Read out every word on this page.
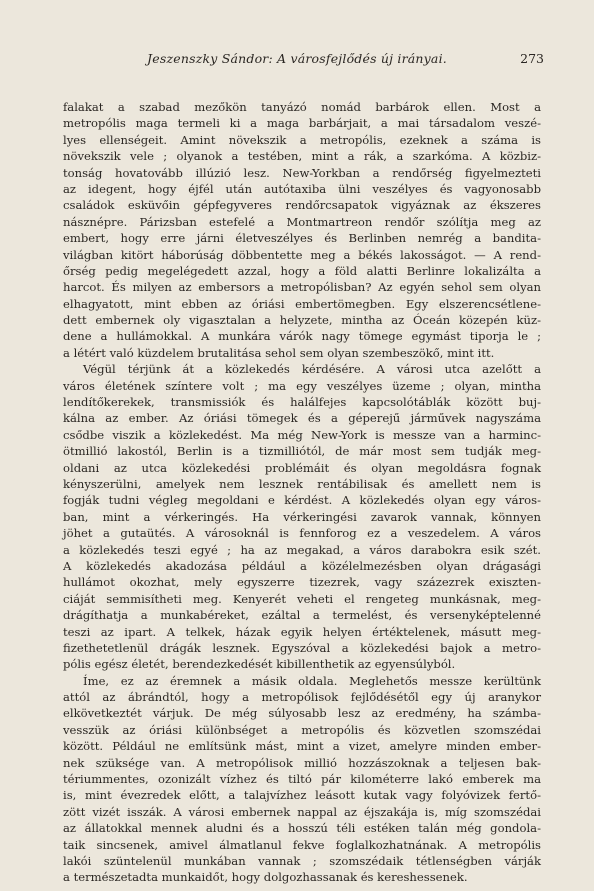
Jeszenszky Sándor: A városfejlődés új irányai.	273
falakat a szabad mezőkön tanyázó nomád barbárok ellen. Most a
metropólis maga termeli ki a maga barbárjait, a mai társadalom veszé-
lyes ellenségeit. Amint növekszik a metropólis, ezeknek a száma is
növekszik vele ; olyanok a testében, mint a rák, a szarkóma. A közbiz-
tonság hovatovább illúzió lesz. New-Yorkban a rendőrség figyelmezteti
az idegent, hogy éjfél után autótaxiba ülni veszélyes és vagyonosabb
családok esküvőin gépfegyveres rendőrcsapatok vigyáznak az ékszeres
násznépre. Párizsban estefelé a Montmartreon rendőr szólítja meg az
embert, hogy erre járni életveszélyes és Berlinben nemrég a bandita-
világban kitört háborúság döbbentette meg a békés lakosságot. — A rend-
őrség pedig megelégedett azzal, hogy a föld alatti Berlinre lokalizálta a
harcot. És milyen az embersors a metropólisban? Az egyén sehol sem olyan
elhagyatott, mint ebben az óriási embertömegben. Egy elszerencsétlene-
dett embernek oly vigasztalan a helyzete, mintha az Óceán közepén küz-
dene a hullámokkal. A munkára várók nagy tömege egymást tiporja le ;
a létért való küzdelem brutalitása sehol sem olyan szembeszökő, mint itt.
Végül térjünk át a közlekedés kérdésére. A városi utca azelőtt a
város életének színtere volt ; ma egy veszélyes üzeme ; olyan, mintha
lendítőkerekek, transmissiók és halálfejes kapcsolótáblák között buj-
kálna az ember. Az óriási tömegek és a géperejű járművek nagyszáma
csődbe viszik a közlekedést. Ma még New-York is messze van a harminc-
ötmillió lakostól, Berlin is a tizmilliótól, de már most sem tudják meg-
oldani az utca közlekedési problémáit és olyan megoldásra fognak
kényszerülni, amelyek nem lesznek rentábilisak és amellett nem is
fogják tudni végleg megoldani e kérdést. A közlekedés olyan egy város-
ban, mint a vérkeringés. Ha vérkeringési zavarok vannak, könnyen
jöhet a gutaütés. A városoknál is fennforog ez a veszedelem. A város
a közlekedés teszi egyé ; ha az megakad, a város darabokra esik szét.
A közlekedés akadozása például a közélelmezésben olyan drágasági
hullámot okozhat, mely egyszerre tizezrek, vagy százezrek exiszten-
ciáját semmisítheti meg. Kenyerét veheti el rengeteg munkásnak, meg-
drágíthatja a munkabéreket, ezáltal a termelést, és versenyképtelenné
teszi az ipart. A telkek, házak egyik helyen értéktelenek, másutt meg-
fizethetetlenül drágák lesznek. Egyszóval a közlekedési bajok a metro-
pólis egész életét, berendezkedését kibillenthetik az egyensúlyból.
Íme, ez az éremnek a másik oldala. Meglehetős messze kerültünk
attól az ábrándtól, hogy a metropólisok fejlődésétől egy új aranykor
elkövetkeztét várjuk. De még súlyosabb lesz az eredmény, ha számba-
vesszük az óriási különbséget a metropólis és közvetlen szomszédai
között. Például ne említsünk mást, mint a vizet, amelyre minden ember-
nek szüksége van. A metropólisok millió hozzászoknak a teljesen bak-
tériummentes, ozonizált vízhez és tiltó pár kilométerre lakó emberek ma
is, mint évezredek előtt, a talajvízhez leásott kutak vagy folyóvizek fertő-
zött vizét isszák. A városi embernek nappal az éjszakája is, míg szomszédai
az állatokkal mennek aludni és a hosszú téli estéken talán még gondola-
taik sincsenek, amivel álmatlanul fekve foglalkozhatnának. A metropólis
lakói szüntelenül munkában vannak ; szomszédaik tétlenségben várják
a természetadta munkaidőt, hogy dolgozhassanak és kereshessenek.
